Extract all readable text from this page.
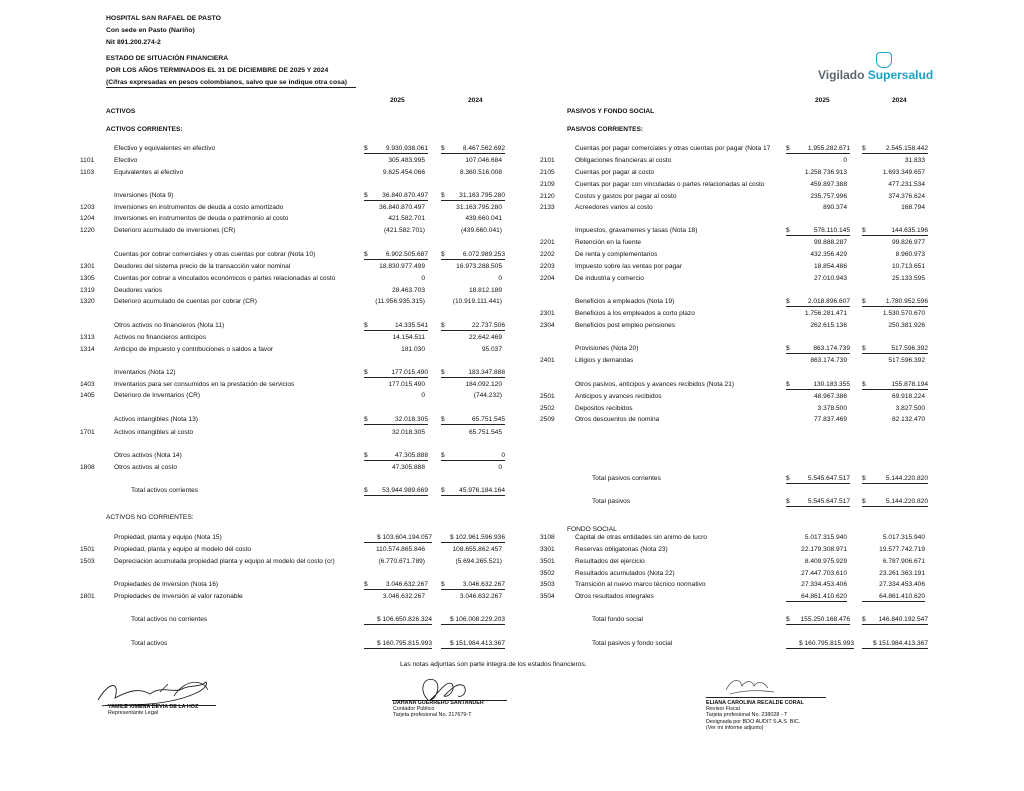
HOSPITAL SAN RAFAEL DE PASTO
Con sede en Pasto (Nariño)
Nit 891.200.274-2
ESTADO DE SITUACIÓN FINANCIERA
POR LOS AÑOS TERMINADOS EL 31 DE DICIEMBRE DE 2025 Y 2024
(Cifras expresadas en pesos colombianos, salvo que se indique otra cosa)
Vigilado Supersalud
2025	2024	2025	2024
ACTIVOS
ACTIVOS CORRIENTES:
PASIVOS Y FONDO SOCIAL
PASIVOS CORRIENTES:
ACTIVOS NO CORRIENTES:
FONDO SOCIAL
Efectivo y equivalentes en efectivo	$	9.930.938.061 $	8.467.562.692
1101	Efectivo	305.483.995	107.046.684
1103	Equivalentes al efectivo	9.625.454.066	8.360.516.008
Inversiones (Nota 9)	$ 36.840.870.497 $ 31.163.795.280
1203	Inversiones en instrumentos de deuda a costo amortizado	36.840.870.497	31.163.795.280
1204	Inversiones en instrumentos de deuda o patrimonio al costo	421.582.701	439.660.041
1220	Deterioro acumulado de inversiones (CR)	(421.582.701)	(439.660.041)
Cuentas por cobrar comerciales y otras cuentas por cobrar (Nota 10)	$	6.902.505.687 $	6.072.989.253
1301	Deudores del sistema precio de la transacción valor nominal	18.830.977.499	16.973.288.505
1305	Cuentas por cobrar a vinculados económicos o partes relacionadas al costo	0	0
1319	Deudores varios	28.463.703	18.812.189
1320	Deterioro acumulado de cuentas por cobrar (CR)	(11.956.935.315)	(10.919.111.441)
Otros activos no financieros (Nota 11)	$	14.335.541 $	22.737.506
1313	Activos no financieros anticipos	14.154.511	22.642.469
1314	Anticipo de impuesto y contribuciones o saldos a favor	181.030	95.037
Inventarios (Nota 12)	$	177.015.490 $	183.347.888
1403	Inventarios para ser consumidos en la prestación de servicios	177.015.490	184.092.120
1405	Deterioro de Inventarios (CR)	0	(744.232)
Activos intangibles (Nota 13)	$	32.018.305 $	65.751.545
1701	Activos intangibles al costo	32.018.305	65.751.545
Otros activos (Nota 14)	$	47.305.888 $	0
1808	Otros activos al costo	47.305.888	0
Total activos corrientes	$ 53.944.989.669 $ 45.976.184.164
Propiedad, planta y equipo (Nota 15)	$ 103.604.194.057	$ 102.961.596.936
1501	Propiedad, planta y equipo al modelo del costo	110.574.865.846	108.655.862.457
1503	Depreciacion acumulada propiedad planta y equipo al modelo del costo (cr)	(6.770.671.789)	(5.694.265.521)
Propiedades de Inversion (Nota 16)	$	3.046.632.267 $	3.046.632.267
1801	Propiedades de Inversión al valor razonable	3.046.632.267	3.046.632.267
Total activos no corrientes	$ 106.650.826.324	$ 106.008.229.203
Total activos	$ 160.795.815.993	$ 151.984.413.367
Cuentas por pagar comerciales y otras cuentas por pagar (Nota 17 $	1.955.282.671 $	2.545.158.442
2101	Obligaciones financieras al costo	0	31.833
2105	Cuentas por pagar al costo	1.258.736.913	1.693.349.657
2109	Cuentas por pagar con vinculadas o partes relacionadas al costo	459.897.388	477.231.534
2120	Costos y gastos por pagar al costo	235.757.996	374.376.624
2133	Acreedores varios al costo	890.374	168.794
Impuestos, gravamenes y tasas (Nota 18)	$	578.110.145 $	144.635.196
2201	Retención en la fuente	99.888.287	99.826.977
2202	De renta y complementarios	432.356.429	8.960.973
2203	Impuesto sobre las ventas por pagar	18.854.486	10.713.651
2204	De industria y comercio	27.010.943	25.133.595
Beneficios a empleados (Nota 19)	$	2.018.896.607 $	1.780.952.596
2301	Beneficios a los empleados a corto plazo	1.756.281.471	1.530.570.670
2304	Beneficios post empleo pensiones	262.615.136	250.381.926
Provisiones (Nota 20)	$	863.174.739 $	517.596.392
2401	Litigios y demandas	863.174.739	517.596.392
Otros pasivos, anticipos y avances recibidos (Nota 21)	$	130.183.355 $	155.878.194
2501	Anticipos y avances recibidos	48.967.386	69.918.224
2502	Depositos recibidos	3.378.500	3.827.500
2509	Otros descuentos de nomina	77.837.469	82.132.470
Total pasivos corrientes	$	5.545.647.517 $	5.144.220.820
Total pasivos	$	5.545.647.517 $	5.144.220.820
3108	Capital de otras entidades sin animo de lucro	5.017.315.940	5.017.315.940
3301	Reservas obligatorias (Nota 23)	22.179.308.971	19.577.742.719
3501	Resultados del ejercicio	8.409.975.929	6.787.906.671
3502	Resultados acumulados (Nota 22)	27.447.703.610	23.261.363.191
3503	Transición al nuevo marco técnico normativo	27.334.453.406	27.334.453.406
3504	Otros resultados integrales	64.861.410.620	64.861.410.620
Total fondo social	$ 155.250.168.476 $ 146.840.192.547
Total pasivos y fondo social	$ 160.795.815.993	$ 151.984.413.367
Las notas adjuntas son parte integra de los estados financieros.
YAMILE XIMENA DEVIA DE LA HOZ
Representante Legal
DAHANA GUERRERO SANTANDER
Contador Público
Tarjeta profesional No. 217679-T
ELIANA CAROLINA RECALDE CORAL
Revisor Fiscal
Tarjeta profesional No. 238028 - T
Designada por BDO AUDIT S.A.S. BIC.
(Ver mi informe adjunto)
